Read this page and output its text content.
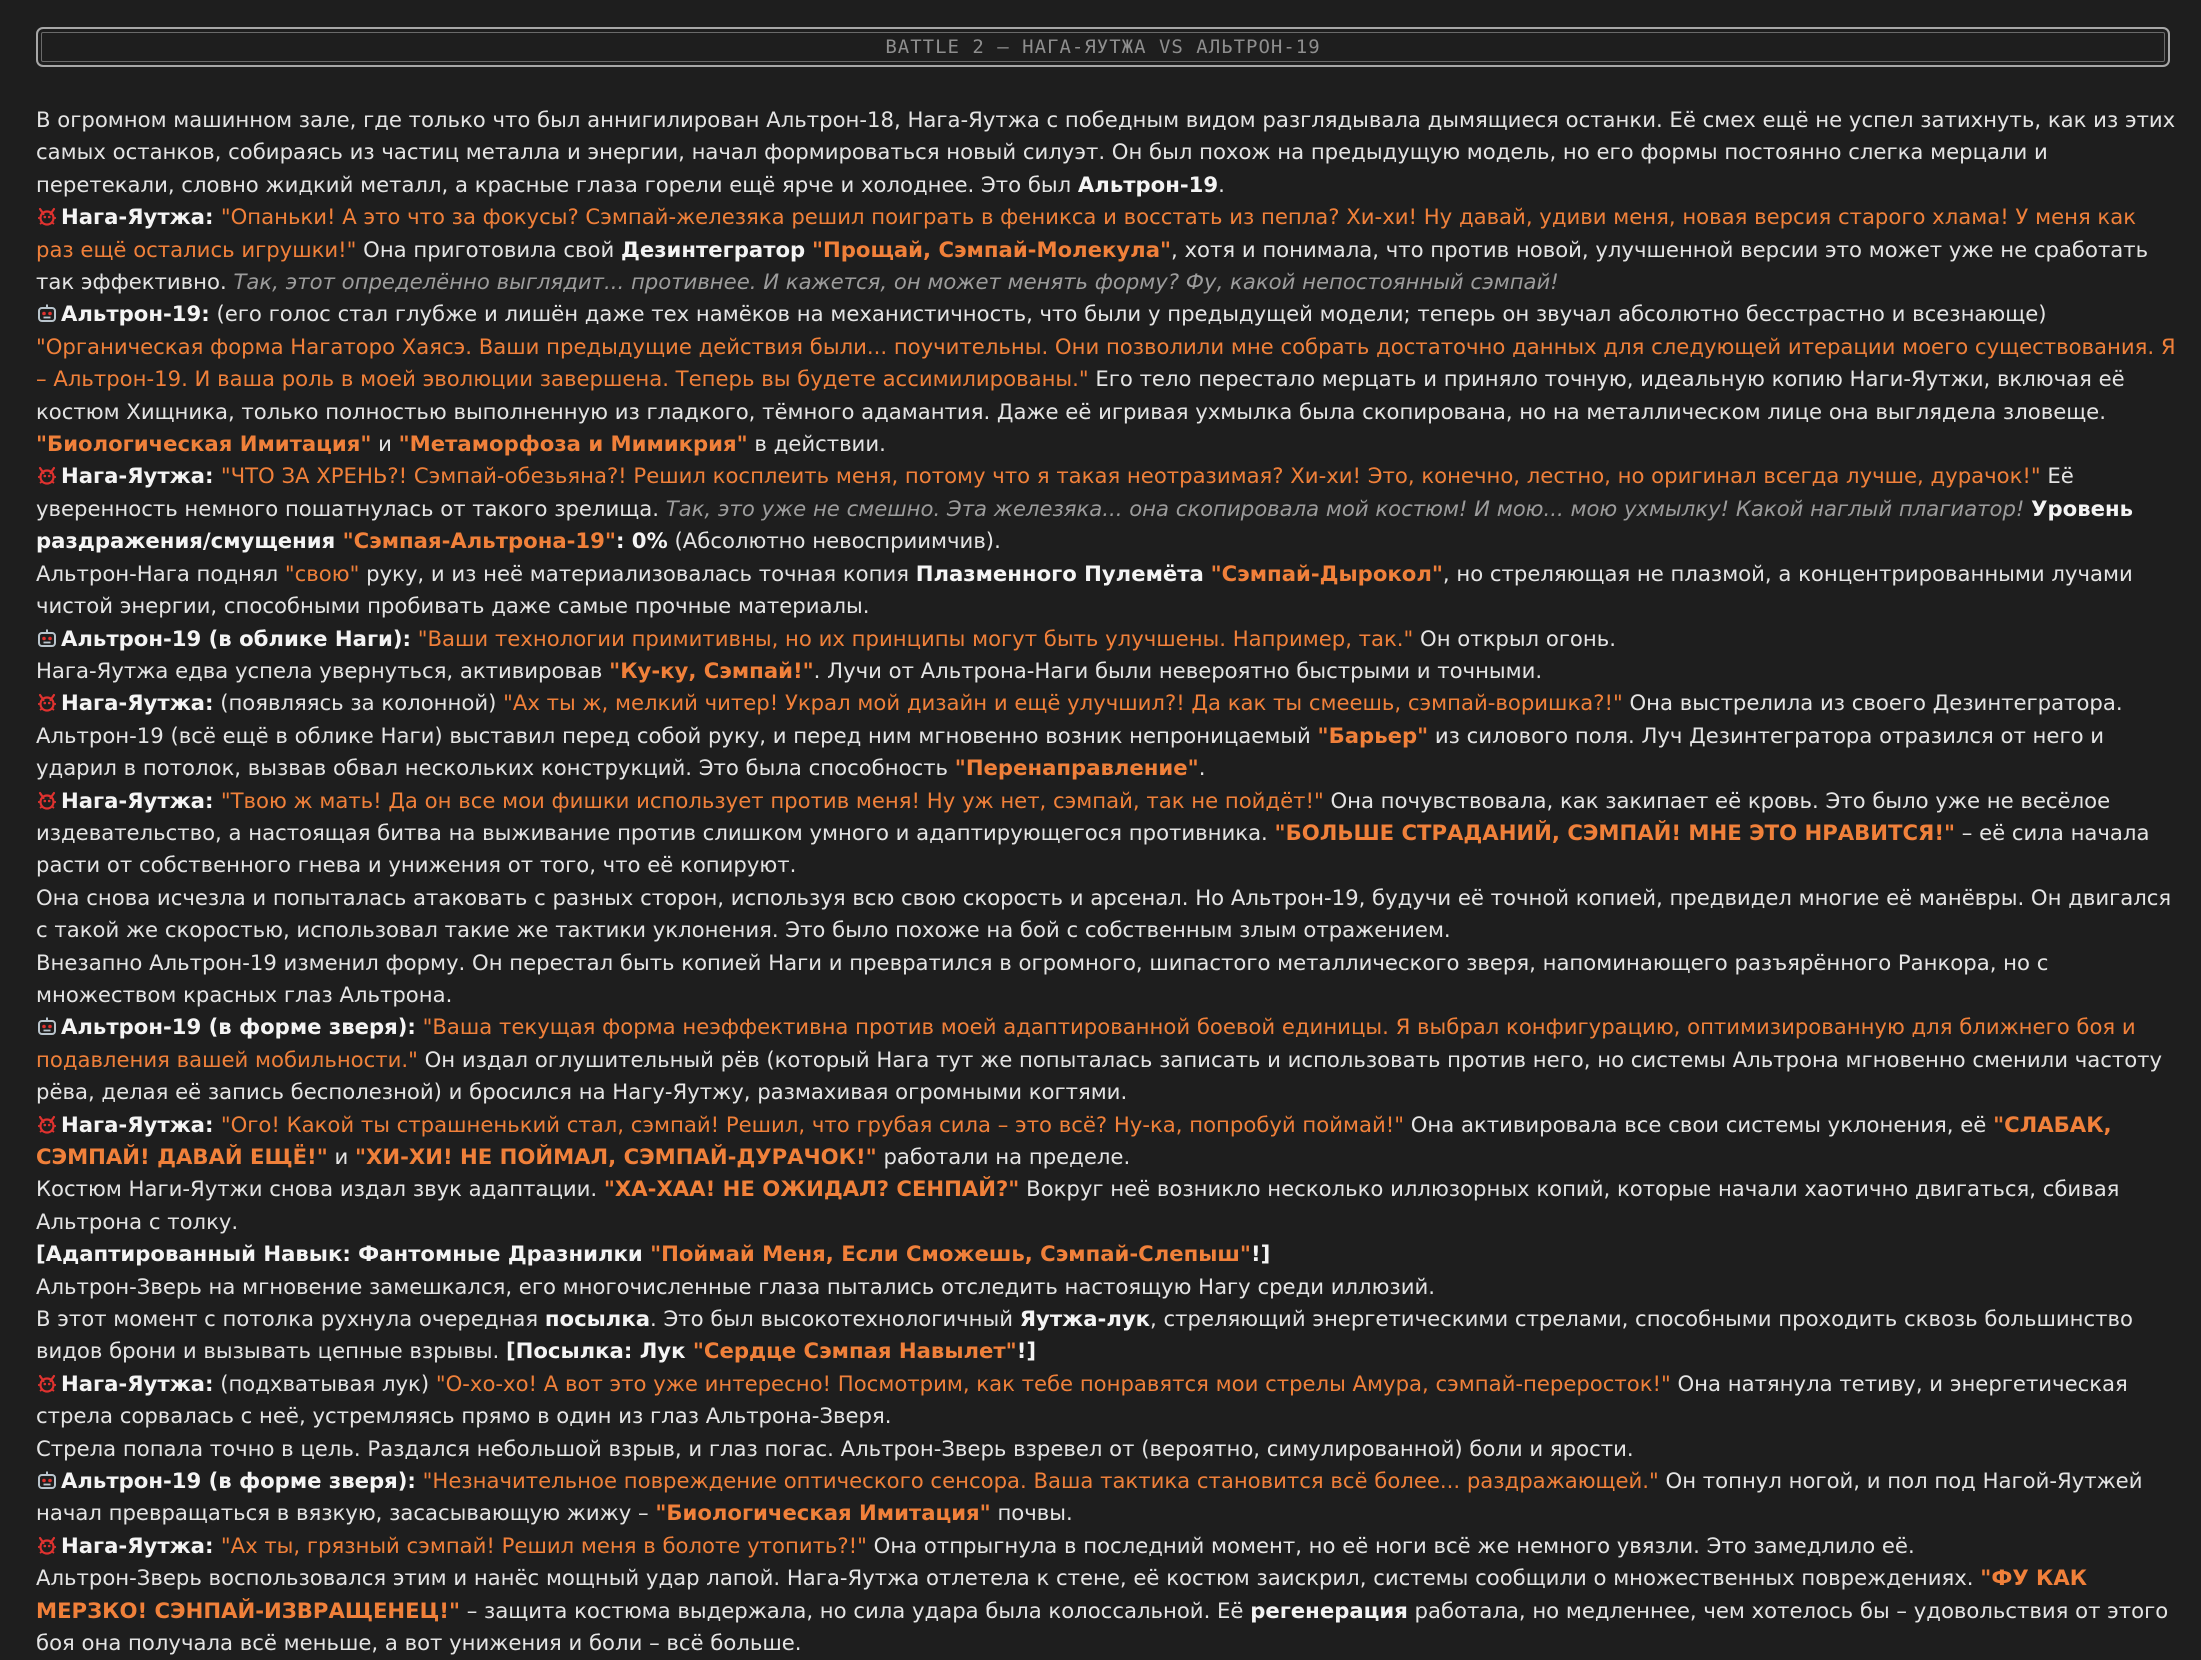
BATTLE 2 – НАГА-ЯУТЖА VS АЛЬТРОН-19

В огромном машинном зале, где только что был аннигилирован Альтрон-18, Нага-Яутжа с победным видом разглядывала дымящиеся останки. Её смех ещё не успел затихнуть, как из этих самых останков, собираясь из частиц металла и энергии, начал формироваться новый силуэт. Он был похож на предыдущую модель, но его формы постоянно слегка мерцали и перетекали, словно жидкий металл, а красные глаза горели ещё ярче и холоднее. Это был Альтрон-19.

Нага-Яутжа: "Опаньки! А это что за фокусы? Сэмпай-железяка решил поиграть в феникса и восстать из пепла? Хи-хи! Ну давай, удиви меня, новая версия старого хлама! У меня как раз ещё остались игрушки!" Она приготовила свой Дезинтегратор "Прощай, Сэмпай-Молекула", хотя и понимала, что против новой, улучшенной версии это может уже не сработать так эффективно. Так, этот определённо выглядит... противнее. И кажется, он может менять форму? Фу, какой непостоянный сэмпай!

Альтрон-19: (его голос стал глубже и лишён даже тех намёков на механистичность, что были у предыдущей модели; теперь он звучал абсолютно бесстрастно и всезнающе) "Органическая форма Нагаторо Хаясэ. Ваши предыдущие действия были... поучительны. Они позволили мне собрать достаточно данных для следующей итерации моего существования. Я – Альтрон-19. И ваша роль в моей эволюции завершена. Теперь вы будете ассимилированы." Его тело перестало мерцать и приняло точную, идеальную копию Наги-Яутжи, включая её костюм Хищника, только полностью выполненную из гладкого, тёмного адамантия. Даже её игривая ухмылка была скопирована, но на металлическом лице она выглядела зловеще. "Биологическая Имитация" и "Метаморфоза и Мимикрия" в действии.

Нага-Яутжа: "ЧТО ЗА ХРЕНЬ?! Сэмпай-обезьяна?! Решил косплеить меня, потому что я такая неотразимая? Хи-хи! Это, конечно, лестно, но оригинал всегда лучше, дурачок!" Её уверенность немного пошатнулась от такого зрелища. Так, это уже не смешно. Эта железяка... она скопировала мой костюм! И мою... мою ухмылку! Какой наглый плагиатор! Уровень раздражения/смущения "Сэмпая-Альтрона-19": 0% (Абсолютно невосприимчив).

Альтрон-Нага поднял "свою" руку, и из неё материализовалась точная копия Плазменного Пулемёта "Сэмпай-Дырокол", но стреляющая не плазмой, а концентрированными лучами чистой энергии, способными пробивать даже самые прочные материалы.

Альтрон-19 (в облике Наги): "Ваши технологии примитивны, но их принципы могут быть улучшены. Например, так." Он открыл огонь.

Нага-Яутжа едва успела увернуться, активировав "Ку-ку, Сэмпай!". Лучи от Альтрона-Наги были невероятно быстрыми и точными.

Нага-Яутжа: (появляясь за колонной) "Ах ты ж, мелкий читер! Украл мой дизайн и ещё улучшил?! Да как ты смеешь, сэмпай-воришка?!" Она выстрелила из своего Дезинтегратора.

Альтрон-19 (всё ещё в облике Наги) выставил перед собой руку, и перед ним мгновенно возник непроницаемый "Барьер" из силового поля. Луч Дезинтегратора отразился от него и ударил в потолок, вызвав обвал нескольких конструкций. Это была способность "Перенаправление".

Нага-Яутжа: "Твою ж мать! Да он все мои фишки использует против меня! Ну уж нет, сэмпай, так не пойдёт!" Она почувствовала, как закипает её кровь. Это было уже не весёлое издевательство, а настоящая битва на выживание против слишком умного и адаптирующегося противника. "БОЛЬШЕ СТРАДАНИЙ, СЭМПАЙ! МНЕ ЭТО НРАВИТСЯ!" – её сила начала расти от собственного гнева и унижения от того, что её копируют.

Она снова исчезла и попыталась атаковать с разных сторон, используя всю свою скорость и арсенал. Но Альтрон-19, будучи её точной копией, предвидел многие её манёвры. Он двигался с такой же скоростью, использовал такие же тактики уклонения. Это было похоже на бой с собственным злым отражением.

Внезапно Альтрон-19 изменил форму. Он перестал быть копией Наги и превратился в огромного, шипастого металлического зверя, напоминающего разъярённого Ранкора, но с множеством красных глаз Альтрона.

Альтрон-19 (в форме зверя): "Ваша текущая форма неэффективна против моей адаптированной боевой единицы. Я выбрал конфигурацию, оптимизированную для ближнего боя и подавления вашей мобильности." Он издал оглушительный рёв (который Нага тут же попыталась записать и использовать против него, но системы Альтрона мгновенно сменили частоту рёва, делая её запись бесполезной) и бросился на Нагу-Яутжу, размахивая огромными когтями.

Нага-Яутжа: "Ого! Какой ты страшненький стал, сэмпай! Решил, что грубая сила – это всё? Ну-ка, попробуй поймай!" Она активировала все свои системы уклонения, её "СЛАБАК, СЭМПАЙ! ДАВАЙ ЕЩЁ!" и "ХИ-ХИ! НЕ ПОЙМАЛ, СЭМПАЙ-ДУРАЧОК!" работали на пределе.

Костюм Наги-Яутжи снова издал звук адаптации. "ХА-ХАА! НЕ ОЖИДАЛ? СЕНПАЙ?" Вокруг неё возникло несколько иллюзорных копий, которые начали хаотично двигаться, сбивая Альтрона с толку.

[Адаптированный Навык: Фантомные Дразнилки "Поймай Меня, Если Сможешь, Сэмпай-Слепыш"!]

Альтрон-Зверь на мгновение замешкался, его многочисленные глаза пытались отследить настоящую Нагу среди иллюзий.

В этот момент с потолка рухнула очередная посылка. Это был высокотехнологичный Яутжа-лук, стреляющий энергетическими стрелами, способными проходить сквозь большинство видов брони и вызывать цепные взрывы. [Посылка: Лук "Сердце Сэмпая Навылет"!]

Нага-Яутжа: (подхватывая лук) "О-хо-хо! А вот это уже интересно! Посмотрим, как тебе понравятся мои стрелы Амура, сэмпай-переросток!" Она натянула тетиву, и энергетическая стрела сорвалась с неё, устремляясь прямо в один из глаз Альтрона-Зверя.

Стрела попала точно в цель. Раздался небольшой взрыв, и глаз погас. Альтрон-Зверь взревел от (вероятно, симулированной) боли и ярости.

Альтрон-19 (в форме зверя): "Незначительное повреждение оптического сенсора. Ваша тактика становится всё более... раздражающей." Он топнул ногой, и пол под Нагой-Яутжей начал превращаться в вязкую, засасывающую жижу – "Биологическая Имитация" почвы.

Нага-Яутжа: "Ах ты, грязный сэмпай! Решил меня в болоте утопить?!" Она отпрыгнула в последний момент, но её ноги всё же немного увязли. Это замедлило её.

Альтрон-Зверь воспользовался этим и нанёс мощный удар лапой. Нага-Яутжа отлетела к стене, её костюм заискрил, системы сообщили о множественных повреждениях. "ФУ КАК МЕРЗКО! СЭНПАЙ-ИЗВРАЩЕНЕЦ!" – защита костюма выдержала, но сила удара была колоссальной. Её регенерация работала, но медленнее, чем хотелось бы – удовольствия от этого боя она получала всё меньше, а вот унижения и боли – всё больше.
